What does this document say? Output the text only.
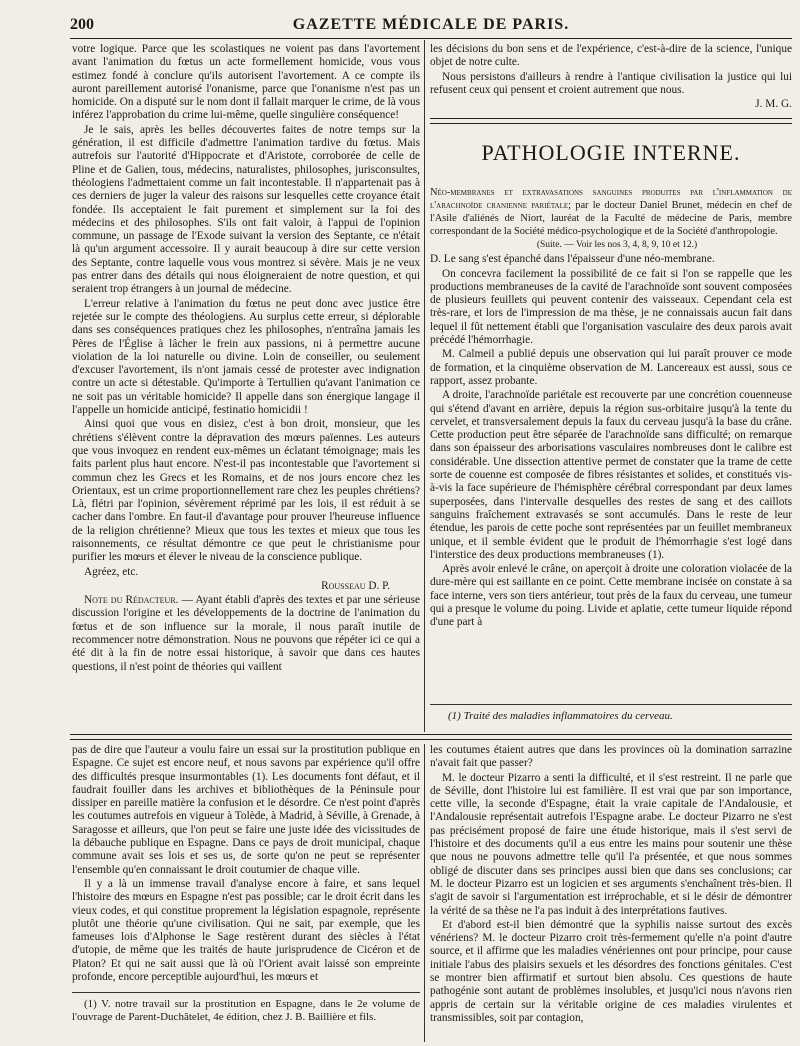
200	GAZETTE MÉDICALE DE PARIS.

votre logique. Parce que les scolastiques ne voient pas dans l'avortement avant l'animation du fœtus un acte formellement homicide, vous vous estimez fondé à conclure qu'ils autorisent l'avortement. A ce compte ils auront pareillement autorisé l'onanisme, parce que l'onanisme n'est pas un homicide. On a disputé sur le nom dont il fallait marquer le crime, de là vous inférez l'approbation du crime lui-même, quelle singulière conséquence!

Je le sais, après les belles découvertes faites de notre temps sur la génération, il est difficile d'admettre l'animation tardive du fœtus. Mais autrefois sur l'autorité d'Hippocrate et d'Aristote, corroborée de celle de Pline et de Galien, tous, médecins, naturalistes, philosophes, jurisconsultes, théologiens l'admettaient comme un fait incontestable. Il n'appartenait pas à ces derniers de juger la valeur des raisons sur lesquelles cette croyance était fondée. Ils acceptaient le fait purement et simplement sur la foi des médecins et des philosophes. S'ils ont fait valoir, à l'appui de l'opinion commune, un passage de l'Exode suivant la version des Septante, ce n'était là qu'un argument accessoire. Il y aurait beaucoup à dire sur cette version des Septante, contre laquelle vous vous montrez si sévère. Mais je ne veux pas entrer dans des détails qui nous éloigneraient de notre question, et qui seraient trop étrangers à un journal de médecine.

L'erreur relative à l'animation du fœtus ne peut donc avec justice être rejetée sur le compte des théologiens. Au surplus cette erreur, si déplorable dans ses conséquences pratiques chez les philosophes, n'entraîna jamais les Pères de l'Église à lâcher le frein aux passions, ni à permettre aucune violation de la loi naturelle ou divine. Loin de conseiller, ou seulement d'excuser l'avortement, ils n'ont jamais cessé de protester avec indignation contre un acte si détestable. Qu'importe à Tertullien qu'avant l'animation ce ne soit pas un véritable homicide? Il appelle dans son énergique langage il l'appelle un homicide anticipé, festinatio homicidii !

Ainsi quoi que vous en disiez, c'est à bon droit, monsieur, que les chrétiens s'élèvent contre la dépravation des mœurs païennes. Les auteurs que vous invoquez en rendent eux-mêmes un éclatant témoignage; mais les faits parlent plus haut encore. N'est-il pas incontestable que l'avortement si commun chez les Grecs et les Romains, et de nos jours encore chez les Orientaux, est un crime proportionnellement rare chez les peuples chrétiens? Là, flétri par l'opinion, sévèrement réprimé par les lois, il est réduit à se cacher dans l'ombre. En faut-il d'avantage pour prouver l'heureuse influence de la religion chrétienne? Mieux que tous les textes et mieux que tous les raisonnements, ce résultat démontre ce que peut le christianisme pour purifier les mœurs et élever le niveau de la conscience publique.

Agréez, etc.

Rousseau D. P.

Note du Rédacteur. — Ayant établi d'après des textes et par une sérieuse discussion l'origine et les développements de la doctrine de l'animation du fœtus et de son influence sur la morale, il nous paraît inutile de recommencer notre démonstration. Nous ne pouvons que répéter ici ce qui a été dit à la fin de notre essai historique, à savoir que dans ces hautes questions, il n'est point de théories qui vaillent

les décisions du bon sens et de l'expérience, c'est-à-dire de la science, l'unique objet de notre culte.

Nous persistons d'ailleurs à rendre à l'antique civilisation la justice qui lui refusent ceux qui pensent et croient autrement que nous.

J. M. G.

PATHOLOGIE INTERNE.

Néo-membranes et extravasations sanguines produites par l'inflammation de l'arachnoïde cranienne pariétale; par le docteur Daniel Brunet, médecin en chef de l'Asile d'aliénés de Niort, lauréat de la Faculté de médecine de Paris, membre correspondant de la Société médico-psychologique et de la Société d'anthropologie.

(Suite. — Voir les nos 3, 4, 8, 9, 10 et 12.)

D. Le sang s'est épanché dans l'épaisseur d'une néo-membrane.

On concevra facilement la possibilité de ce fait si l'on se rappelle que les productions membraneuses de la cavité de l'arachnoïde sont souvent composées de plusieurs feuillets qui peuvent contenir des vaisseaux. Cependant cela est très-rare, et lors de l'impression de ma thèse, je ne connaissais aucun fait dans lequel il fût nettement établi que l'organisation vasculaire des deux parois avait précédé l'hémorrhagie.

M. Calmeil a publié depuis une observation qui lui paraît prouver ce mode de formation, et la cinquième observation de M. Lancereaux est aussi, sous ce rapport, assez probante.

A droite, l'arachnoïde pariétale est recouverte par une concrétion couenneuse qui s'étend d'avant en arrière, depuis la région sus-orbitaire jusqu'à la tente du cervelet, et transversalement depuis la faux du cerveau jusqu'à la base du crâne. Cette production peut être séparée de l'arachnoïde sans difficulté; on remarque dans son épaisseur des arborisations vasculaires nombreuses dont le calibre est considérable. Une dissection attentive permet de constater que la trame de cette sorte de couenne est composée de fibres résistantes et solides, et constitués vis-à-vis la face supérieure de l'hémisphère cérébral correspondant par deux lames superposées, dans l'intervalle desquelles des restes de sang et des caillots sanguins fraîchement extravasés se sont accumulés. Dans le reste de leur étendue, les parois de cette poche sont représentées par un feuillet membraneux unique, et il semble évident que le produit de l'hémorrhagie s'est logé dans l'interstice des deux productions membraneuses (1).

Après avoir enlevé le crâne, on aperçoit à droite une coloration violacée de la dure-mère qui est saillante en ce point. Cette membrane incisée on constate à sa face interne, vers son tiers antérieur, tout près de la faux du cerveau, une tumeur qui a presque le volume du poing. Livide et aplatie, cette tumeur liquide répond d'une part à

(1) Traité des maladies inflammatoires du cerveau.

pas de dire que l'auteur a voulu faire un essai sur la prostitution publique en Espagne. Ce sujet est encore neuf, et nous savons par expérience qu'il offre des difficultés presque insurmontables (1). Les documents font défaut, et il faudrait fouiller dans les archives et bibliothèques de la Péninsule pour dissiper en pareille matière la confusion et le désordre. Ce n'est point d'après les coutumes autrefois en vigueur à Tolède, à Madrid, à Séville, à Grenade, à Saragosse et ailleurs, que l'on peut se faire une juste idée des vicissitudes de la débauche publique en Espagne. Dans ce pays de droit municipal, chaque commune avait ses lois et ses us, de sorte qu'on ne peut se représenter l'ensemble qu'en connaissant le droit coutumier de chaque ville.

Il y a là un immense travail d'analyse encore à faire, et sans lequel l'histoire des mœurs en Espagne n'est pas possible; car le droit écrit dans les vieux codes, et qui constitue proprement la législation espagnole, représente plutôt une théorie qu'une civilisation. Qui ne sait, par exemple, que les fameuses lois d'Alphonse le Sage restèrent durant des siècles à l'état d'utopie, de même que les traités de haute jurisprudence de Cicéron et de Platon? Et qui ne sait aussi que là où l'Orient avait laissé son empreinte profonde, encore perceptible aujourd'hui, les mœurs et

(1) V. notre travail sur la prostitution en Espagne, dans le 2e volume de l'ouvrage de Parent-Duchâtelet, 4e édition, chez J. B. Baillière et fils.

les coutumes étaient autres que dans les provinces où la domination sarrazine n'avait fait que passer?

M. le docteur Pizarro a senti la difficulté, et il s'est restreint. Il ne parle que de Séville, dont l'histoire lui est familière. Il est vrai que par son importance, cette ville, la seconde d'Espagne, était la vraie capitale de l'Andalousie, et l'Andalousie représentait autrefois l'Espagne arabe. Le docteur Pizarro ne s'est pas précisément proposé de faire une étude historique, mais il s'est servi de l'histoire et des documents qu'il a eus entre les mains pour soutenir une thèse que nous ne pouvons admettre telle qu'il l'a présentée, et que nous sommes obligé de discuter dans ses principes aussi bien que dans ses conclusions; car M. le docteur Pizarro est un logicien et ses arguments s'enchaînent très-bien. Il s'agit de savoir si l'argumentation est irréprochable, et si le désir de démontrer la vérité de sa thèse ne l'a pas induit à des interprétations fautives.

Et d'abord est-il bien démontré que la syphilis naisse surtout des excès vénériens? M. le docteur Pizarro croit très-fermement qu'elle n'a point d'autre source, et il affirme que les maladies vénériennes ont pour principe, pour cause initiale l'abus des plaisirs sexuels et les désordres des fonctions génitales. C'est se montrer bien affirmatif et surtout bien absolu. Ces questions de haute pathogénie sont autant de problèmes insolubles, et jusqu'ici nous n'avons rien appris de certain sur la véritable origine de ces maladies virulentes et transmissibles, soit par contagion,
